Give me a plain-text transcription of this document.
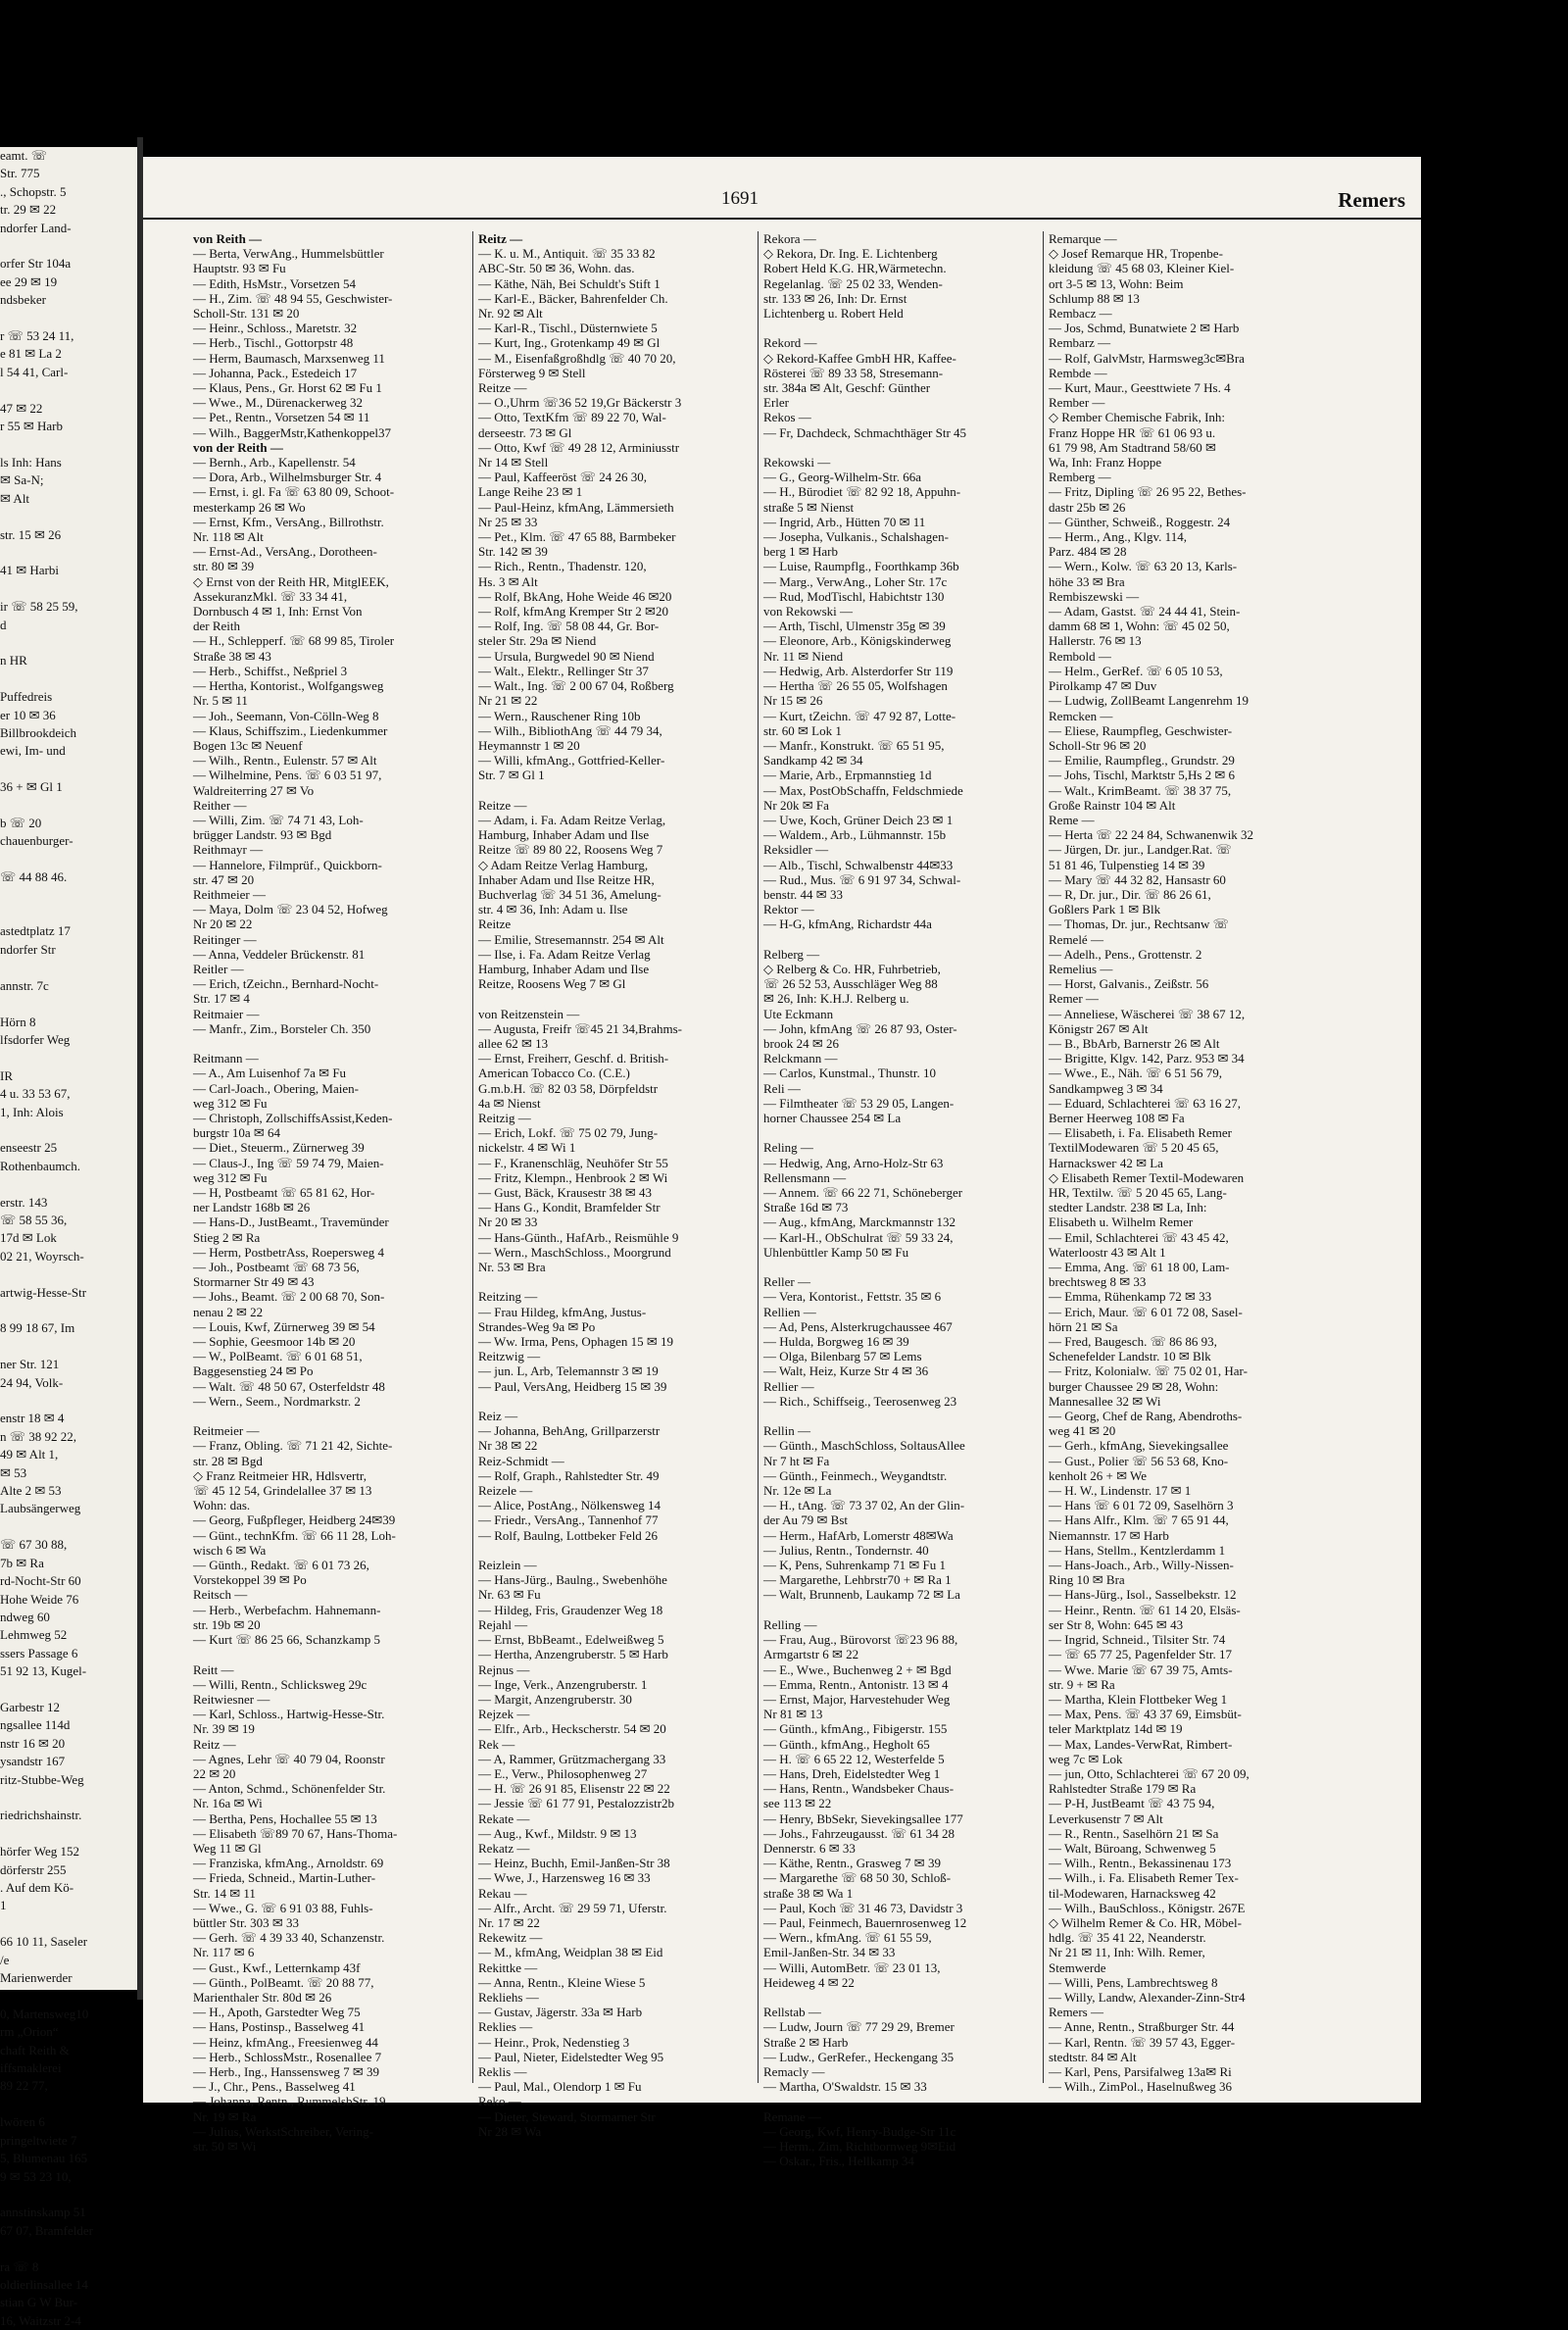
eamt. ☏
Str. 775
., Schopstr. 5
tr. 29 ✉ 22
ndorfer Land-

orfer Str 104a
ee 29 ✉ 19
ndsbeker

r ☏ 53 24 11,
e 81 ✉ La 2
l 54 41, Carl-

47 ✉ 22
r 55 ✉ Harb

ls Inh: Hans
✉ Sa-N;
✉ Alt

str. 15 ✉ 26

41 ✉ Harbi

ir ☏ 58 25 59,
d

n HR

Puffedreis
er 10 ✉ 36
Billbrookdeich
ewi, Im- und

36 + ✉ Gl 1

b ☏ 20
chauenburger-

☏ 44 88 46.

astedtplatz 17
ndorfer Str

annstr. 7c

Hörn 8
lfsdorfer Weg

IR
4 u. 33 53 67,
1, Inh: Alois

enseestr 25
Rothenbaumch.

erstr. 143
☏ 58 55 36,
17d ✉ Lok
02 21, Woyrsch-

artwig-Hesse-Str

8 99 18 67, Im

ner Str. 121
24 94, Volk-

enstr 18 ✉ 4
n ☏ 38 92 22,
49 ✉ Alt 1,
✉ 53
Alte 2 ✉ 53
Laubsängerweg

☏ 67 30 88,
7b ✉ Ra
rd-Nocht-Str 60
Hohe Weide 76
ndweg 60
Lehmweg 52
ssers Passage 6
51 92 13, Kugel-

Garbestr 12
ngsallee 114d
nstr 16 ✉ 20
ysandstr 167
ritz-Stubbe-Weg

riedrichshainstr.

hörfer Weg 152
dörferstr 255
. Auf dem Kö-
1

66 10 11, Saseler
/e
Marienwerder

0, Martensweg10
rm „Orion“
chaft Reith &
iffsmaklerei
89 22 77,

lwören 6
pringeltwiete 7
5, Blumenau 165
9 ✉ 53 23 10,

annstinskamp 51
67 07, Bramfelder

ra ☏ 8
oldierlinsallee 14
stian G W Bur-
16, Waitzstr 2-4
1691	Remers
von Reith —
— Berta, VerwAng., Hummelsbüttler
Hauptstr. 93 ✉ Fu
— Edith, HsMstr., Vorsetzen 54
— H., Zim. ☏ 48 94 55, Geschwister-
Scholl-Str. 131 ✉ 20
— Heinr., Schloss., Maretstr. 32
— Herb., Tischl., Gottorpstr 48
— Herm, Baumasch, Marxsenweg 11
— Johanna, Pack., Estedeich 17
— Klaus, Pens., Gr. Horst 62 ✉ Fu 1
— Wwe., M., Dürenackerweg 32
— Pet., Rentn., Vorsetzen 54 ✉ 11
— Wilh., BaggerMstr,Kathenkoppel37
von der Reith —
— Bernh., Arb., Kapellenstr. 54
— Dora, Arb., Wilhelmsburger Str. 4
— Ernst, i. gl. Fa ☏ 63 80 09, Schoot-
mesterkamp 26 ✉ Wo
— Ernst, Kfm., VersAng., Billrothstr.
Nr. 118 ✉ Alt
— Ernst-Ad., VersAng., Dorotheen-
str. 80 ✉ 39
◇ Ernst von der Reith HR, MitglEEK,
AssekuranzMkl. ☏ 33 34 41,
Dornbusch 4 ✉ 1, Inh: Ernst Von
der Reith
— H., Schlepperf. ☏ 68 99 85, Tiroler
Straße 38 ✉ 43
— Herb., Schiffst., Neßpriel 3
— Hertha, Kontorist., Wolfgangsweg
Nr. 5 ✉ 11
— Joh., Seemann, Von-Cölln-Weg 8
— Klaus, Schiffszim., Liedenkummer
Bogen 13c ✉ Neuenf
— Wilh., Rentn., Eulenstr. 57 ✉ Alt
— Wilhelmine, Pens. ☏ 6 03 51 97,
Waldreiterring 27 ✉ Vo
Reither —
— Willi, Zim. ☏ 74 71 43, Loh-
brügger Landstr. 93 ✉ Bgd
Reithmayr —
— Hannelore, Filmprüf., Quickborn-
str. 47 ✉ 20
Reithmeier —
— Maya, Dolm ☏ 23 04 52, Hofweg
Nr 20 ✉ 22
Reitinger —
— Anna, Veddeler Brückenstr. 81
Reitler —
— Erich, tZeichn., Bernhard-Nocht-
Str. 17 ✉ 4
Reitmaier —
— Manfr., Zim., Borsteler Ch. 350

Reitmann —
— A., Am Luisenhof 7a ✉ Fu
— Carl-Joach., Obering, Maien-
weg 312 ✉ Fu
— Christoph, ZollschiffsAssist,Keden-
burgstr 10a ✉ 64
— Diet., Steuerm., Zürnerweg 39
— Claus-J., Ing ☏ 59 74 79, Maien-
weg 312 ✉ Fu
— H, Postbeamt ☏ 65 81 62, Hor-
ner Landstr 168b ✉ 26
— Hans-D., JustBeamt., Travemünder
Stieg 2 ✉ Ra
— Herm, PostbetrAss, Roepersweg 4
— Joh., Postbeamt ☏ 68 73 56,
Stormarner Str 49 ✉ 43
— Johs., Beamt. ☏ 2 00 68 70, Son-
nenau 2 ✉ 22
— Louis, Kwf, Zürnerweg 39 ✉ 54
— Sophie, Geesmoor 14b ✉ 20
— W., PolBeamt. ☏ 6 01 68 51,
Baggesenstieg 24 ✉ Po
— Walt. ☏ 48 50 67, Osterfeldstr 48
— Wern., Seem., Nordmarkstr. 2

Reitmeier —
— Franz, Obling. ☏ 71 21 42, Sichte-
str. 28 ✉ Bgd
◇ Franz Reitmeier HR, Hdlsvertr,
☏ 45 12 54, Grindelallee 37 ✉ 13
Wohn: das.
— Georg, Fußpfleger, Heidberg 24✉39
— Günt., technKfm. ☏ 66 11 28, Loh-
wisch 6 ✉ Wa
— Günth., Redakt. ☏ 6 01 73 26,
Vorstekoppel 39 ✉ Po
Reitsch —
— Herb., Werbefachm. Hahnemann-
str. 19b ✉ 20
— Kurt ☏ 86 25 66, Schanzkamp 5

Reitt —
— Willi, Rentn., Schlicksweg 29c
Reitwiesner —
— Karl, Schloss., Hartwig-Hesse-Str.
Nr. 39 ✉ 19
Reitz —
— Agnes, Lehr ☏ 40 79 04, Roonstr
22 ✉ 20
— Anton, Schmd., Schönenfelder Str.
Nr. 16a ✉ Wi
— Bertha, Pens, Hochallee 55 ✉ 13
— Elisabeth ☏89 70 67, Hans-Thoma-
Weg 11 ✉ Gl
— Franziska, kfmAng., Arnoldstr. 69
— Frieda, Schneid., Martin-Luther-
Str. 14 ✉ 11
— Wwe., G. ☏ 6 91 03 88, Fuhls-
büttler Str. 303 ✉ 33
— Gerh. ☏ 4 39 33 40, Schanzenstr.
Nr. 117 ✉ 6
— Gust., Kwf., Letternkamp 43f
— Günth., PolBeamt. ☏ 20 88 77,
Marienthaler Str. 80d ✉ 26
— H., Apoth, Garstedter Weg 75
— Hans, Postinsp., Basselweg 41
— Heinz, kfmAng., Freesienweg 44
— Herb., SchlossMstr., Rosenallee 7
— Herb., Ing., Hanssensweg 7 ✉ 39
— J., Chr., Pens., Basselweg 41
— Johanna, Rentn., RummelsbStr. 19
Nr. 19 ✉ Ra
— Julius, WerkstSchreiber, Vering-
str. 50 ✉ Wi
Reitz —
— K. u. M., Antiquit. ☏ 35 33 82
ABC-Str. 50 ✉ 36, Wohn. das.
— Käthe, Näh, Bei Schuldt's Stift 1
— Karl-E., Bäcker, Bahrenfelder Ch.
Nr. 92 ✉ Alt
— Karl-R., Tischl., Düsternwiete 5
— Kurt, Ing., Grotenkamp 49 ✉ Gl
— M., Eisenfaßgroßhdlg ☏ 40 70 20,
Försterweg 9 ✉ Stell
Reitze —
— O.,Uhrm ☏36 52 19,Gr Bäckerstr 3
— Otto, TextKfm ☏ 89 22 70, Wal-
derseestr. 73 ✉ Gl
— Otto, Kwf ☏ 49 28 12, Arminiusstr
Nr 14 ✉ Stell
— Paul, Kaffeeröst ☏ 24 26 30,
Lange Reihe 23 ✉ 1
— Paul-Heinz, kfmAng, Lämmersieth
Nr 25 ✉ 33
— Pet., Klm. ☏ 47 65 88, Barmbeker
Str. 142 ✉ 39
— Rich., Rentn., Thadenstr. 120,
Hs. 3 ✉ Alt
— Rolf, BkAng, Hohe Weide 46 ✉20
— Rolf, kfmAng Kremper Str 2 ✉20
— Rolf, Ing. ☏ 58 08 44, Gr. Bor-
steler Str. 29a ✉ Niend
— Ursula, Burgwedel 90 ✉ Niend
— Walt., Elektr., Rellinger Str 37
— Walt., Ing. ☏ 2 00 67 04, Roßberg
Nr 21 ✉ 22
— Wern., Rauschener Ring 10b
— Wilh., BibliothAng ☏ 44 79 34,
Heymannstr 1 ✉ 20
— Willi, kfmAng., Gottfried-Keller-
Str. 7 ✉ Gl 1

Reitze —
— Adam, i. Fa. Adam Reitze Verlag,
Hamburg, Inhaber Adam und Ilse
Reitze ☏ 89 80 22, Roosens Weg 7
◇ Adam Reitze Verlag Hamburg,
Inhaber Adam und Ilse Reitze HR,
Buchverlag ☏ 34 51 36, Amelung-
str. 4 ✉ 36, Inh: Adam u. Ilse
Reitze
— Emilie, Stresemannstr. 254 ✉ Alt
— Ilse, i. Fa. Adam Reitze Verlag
Hamburg, Inhaber Adam und Ilse
Reitze, Roosens Weg 7 ✉ Gl

von Reitzenstein —
— Augusta, Freifr ☏45 21 34,Brahms-
allee 62 ✉ 13
— Ernst, Freiherr, Geschf. d. British-
American Tobacco Co. (C.E.)
G.m.b.H. ☏ 82 03 58, Dörpfeldstr
4a ✉ Nienst
Reitzig —
— Erich, Lokf. ☏ 75 02 79, Jung-
nickelstr. 4 ✉ Wi 1
— F., Kranenschläg, Neuhöfer Str 55
— Fritz, Klempn., Henbrook 2 ✉ Wi
— Gust, Bäck, Krausestr 38 ✉ 43
— Hans G., Kondit, Bramfelder Str
Nr 20 ✉ 33
— Hans-Günth., HafArb., Reismühle 9
— Wern., MaschSchloss., Moorgrund
Nr. 53 ✉ Bra

Reitzing —
— Frau Hildeg, kfmAng, Justus-
Strandes-Weg 9a ✉ Po
— Ww. Irma, Pens, Ophagen 15 ✉ 19
Reitzwig —
— jun. L, Arb, Telemannstr 3 ✉ 19
— Paul, VersAng, Heidberg 15 ✉ 39

Reiz —
— Johanna, BehAng, Grillparzerstr
Nr 38 ✉ 22
Reiz-Schmidt —
— Rolf, Graph., Rahlstedter Str. 49
Reizele —
— Alice, PostAng., Nölkensweg 14
— Friedr., VersAng., Tannenhof 77
— Rolf, Baulng, Lottbeker Feld 26

Reizlein —
— Hans-Jürg., Baulng., Swebenhöhe
Nr. 63 ✉ Fu
— Hildeg, Fris, Graudenzer Weg 18
Rejahl —
— Ernst, BbBeamt., Edelweißweg 5
— Hertha, Anzengruberstr. 5 ✉ Harb
Rejnus —
— Inge, Verk., Anzengruberstr. 1
— Margit, Anzengruberstr. 30
Rejzek —
— Elfr., Arb., Heckscherstr. 54 ✉ 20
Rek —
— A, Rammer, Grützmachergang 33
— E., Verw., Philosophenweg 27
— H. ☏ 26 91 85, Elisenstr 22 ✉ 22
— Jessie ☏ 61 77 91, Pestalozzistr2b
Rekate —
— Aug., Kwf., Mildstr. 9 ✉ 13
Rekatz —
— Heinz, Buchh, Emil-Janßen-Str 38
— Wwe, J., Harzensweg 16 ✉ 33
Rekau —
— Alfr., Archt. ☏ 29 59 71, Uferstr.
Nr. 17 ✉ 22
Rekewitz —
— M., kfmAng, Weidplan 38 ✉ Eid
Rekittke —
— Anna, Rentn., Kleine Wiese 5
Rekliehs —
— Gustav, Jägerstr. 33a ✉ Harb
Reklies —
— Heinr., Prok, Nedenstieg 3
— Paul, Nieter, Eidelstedter Weg 95
Reklis —
— Paul, Mal., Olendorp 1 ✉ Fu
Reko —
— Dieter, Steward, Stormarner Str
Nr 28 ✉ Wa
Rekora —
◇ Rekora, Dr. Ing. E. Lichtenberg
Robert Held K.G. HR,Wärmetechn.
Regelanlag. ☏ 25 02 33, Wenden-
str. 133 ✉ 26, Inh: Dr. Ernst
Lichtenberg u. Robert Held

Rekord —
◇ Rekord-Kaffee GmbH HR, Kaffee-
Rösterei ☏ 89 33 58, Stresemann-
str. 384a ✉ Alt, Geschf: Günther
Erler
Rekos —
— Fr, Dachdeck, Schmachthäger Str 45

Rekowski —
— G., Georg-Wilhelm-Str. 66a
— H., Bürodiet ☏ 82 92 18, Appuhn-
straße 5 ✉ Nienst
— Ingrid, Arb., Hütten 70 ✉ 11
— Josepha, Vulkanis., Schalshagen-
berg 1 ✉ Harb
— Luise, Raumpflg., Foorthkamp 36b
— Marg., VerwAng., Loher Str. 17c
— Rud, ModTischl, Habichtstr 130
von Rekowski —
— Arth, Tischl, Ulmenstr 35g ✉ 39
— Eleonore, Arb., Königskinderweg
Nr. 11 ✉ Niend
— Hedwig, Arb. Alsterdorfer Str 119
— Hertha ☏ 26 55 05, Wolfshagen
Nr 15 ✉ 26
— Kurt, tZeichn. ☏ 47 92 87, Lotte-
str. 60 ✉ Lok 1
— Manfr., Konstrukt. ☏ 65 51 95,
Sandkamp 42 ✉ 34
— Marie, Arb., Erpmannstieg 1d
— Max, PostObSchaffn, Feldschmiede
Nr 20k ✉ Fa
— Uwe, Koch, Grüner Deich 23 ✉ 1
— Waldem., Arb., Lühmannstr. 15b
Reksidler —
— Alb., Tischl, Schwalbenstr 44✉33
— Rud., Mus. ☏ 6 91 97 34, Schwal-
benstr. 44 ✉ 33
Rektor —
— H-G, kfmAng, Richardstr 44a

Relberg —
◇ Relberg & Co. HR, Fuhrbetrieb,
☏ 26 52 53, Ausschläger Weg 88
✉ 26, Inh: K.H.J. Relberg u.
Ute Eckmann
— John, kfmAng ☏ 26 87 93, Oster-
brook 24 ✉ 26
Relckmann —
— Carlos, Kunstmal., Thunstr. 10
Reli —
— Filmtheater ☏ 53 29 05, Langen-
horner Chaussee 254 ✉ La

Reling —
— Hedwig, Ang, Arno-Holz-Str 63
Rellensmann —
— Annem. ☏ 66 22 71, Schöneberger
Straße 16d ✉ 73
— Aug., kfmAng, Marckmannstr 132
— Karl-H., ObSchulrat ☏ 59 33 24,
Uhlenbüttler Kamp 50 ✉ Fu

Reller —
— Vera, Kontorist., Fettstr. 35 ✉ 6
Rellien —
— Ad, Pens, Alsterkrugchaussee 467
— Hulda, Borgweg 16 ✉ 39
— Olga, Bilenbarg 57 ✉ Lems
— Walt, Heiz, Kurze Str 4 ✉ 36
Rellier —
— Rich., Schiffseig., Teerosenweg 23

Rellin —
— Günth., MaschSchloss, SoltausAllee
Nr 7 ht ✉ Fa
— Günth., Feinmech., Weygandtstr.
Nr. 12e ✉ La
— H., tAng. ☏ 73 37 02, An der Glin-
der Au 79 ✉ Bst
— Herm., HafArb, Lomerstr 48✉Wa
— Julius, Rentn., Tondernstr. 40
— K, Pens, Suhrenkamp 71 ✉ Fu 1
— Margarethe, Lehbrstr70 + ✉ Ra 1
— Walt, Brunnenb, Laukamp 72 ✉ La

Relling —
— Frau, Aug., Bürovorst ☏23 96 88,
Armgartstr 6 ✉ 22
— E., Wwe., Buchenweg 2 + ✉ Bgd
— Emma, Rentn., Antonistr. 13 ✉ 4
— Ernst, Major, Harvestehuder Weg
Nr 81 ✉ 13
— Günth., kfmAng., Fibigerstr. 155
— Günth., kfmAng., Hegholt 65
— H. ☏ 6 65 22 12, Westerfelde 5
— Hans, Dreh, Eidelstedter Weg 1
— Hans, Rentn., Wandsbeker Chaus-
see 113 ✉ 22
— Henry, BbSekr, Sievekingsallee 177
— Johs., Fahrzeugausst. ☏ 61 34 28
Dennerstr. 6 ✉ 33
— Käthe, Rentn., Grasweg 7 ✉ 39
— Margarethe ☏ 68 50 30, Schloß-
straße 38 ✉ Wa 1
— Paul, Koch ☏ 31 46 73, Davidstr 3
— Paul, Feinmech, Bauernrosenweg 12
— Wern., kfmAng. ☏ 61 55 59,
Emil-Janßen-Str. 34 ✉ 33
— Willi, AutomBetr. ☏ 23 01 13,
Heideweg 4 ✉ 22

Rellstab —
— Ludw, Journ ☏ 77 29 29, Bremer
Straße 2 ✉ Harb
— Ludw., GerRefer., Heckengang 35
Remacly —
— Martha, O'Swaldstr. 15 ✉ 33

Remane —
— Georg, Kwf, Henry-Budge-Str 11c
— Herm., Zim, Richtbornweg 9✉Eid
— Oskar., Fris., Hellkamp 34
Remarque —
◇ Josef Remarque HR, Tropenbe-
kleidung ☏ 45 68 03, Kleiner Kiel-
ort 3-5 ✉ 13, Wohn: Beim
Schlump 88 ✉ 13
Rembacz —
— Jos, Schmd, Bunatwiete 2 ✉ Harb
Rembarz —
— Rolf, GalvMstr, Harmsweg3c✉Bra
Rembde —
— Kurt, Maur., Geesttwiete 7 Hs. 4
Rember —
◇ Rember Chemische Fabrik, Inh:
Franz Hoppe HR ☏ 61 06 93 u.
61 79 98, Am Stadtrand 58/60 ✉
Wa, Inh: Franz Hoppe
Remberg —
— Fritz, Dipling ☏ 26 95 22, Bethes-
dastr 25b ✉ 26
— Günther, Schweiß., Roggestr. 24
— Herm., Ang., Klgv. 114,
Parz. 484 ✉ 28
— Wern., Kolw. ☏ 63 20 13, Karls-
höhe 33 ✉ Bra
Rembiszewski —
— Adam, Gastst. ☏ 24 44 41, Stein-
damm 68 ✉ 1, Wohn: ☏ 45 02 50,
Hallerstr. 76 ✉ 13
Rembold —
— Helm., GerRef. ☏ 6 05 10 53,
Pirolkamp 47 ✉ Duv
— Ludwig, ZollBeamt Langenrehm 19
Remcken —
— Eliese, Raumpfleg, Geschwister-
Scholl-Str 96 ✉ 20
— Emilie, Raumpfleg., Grundstr. 29
— Johs, Tischl, Marktstr 5,Hs 2 ✉ 6
— Walt., KrimBeamt. ☏ 38 37 75,
Große Rainstr 104 ✉ Alt
Reme —
— Herta ☏ 22 24 84, Schwanenwik 32
— Jürgen, Dr. jur., Landger.Rat. ☏
51 81 46, Tulpenstieg 14 ✉ 39
— Mary ☏ 44 32 82, Hansastr 60
— R, Dr. jur., Dir. ☏ 86 26 61,
Goßlers Park 1 ✉ Blk
— Thomas, Dr. jur., Rechtsanw ☏
Remelé —
— Adelh., Pens., Grottenstr. 2
Remelius —
— Horst, Galvanis., Zeißstr. 56
Remer —
— Anneliese, Wäscherei ☏ 38 67 12,
Königstr 267 ✉ Alt
— B., BbArb, Barnerstr 26 ✉ Alt
— Brigitte, Klgv. 142, Parz. 953 ✉ 34
— Wwe., E., Näh. ☏ 6 51 56 79,
Sandkampweg 3 ✉ 34
— Eduard, Schlachterei ☏ 63 16 27,
Berner Heerweg 108 ✉ Fa
— Elisabeth, i. Fa. Elisabeth Remer
TextilModewaren ☏ 5 20 45 65,
Harnackswег 42 ✉ La
◇ Elisabeth Remer Textil-Modewaren
HR, Textilw. ☏ 5 20 45 65, Lang-
stedter Landstr. 238 ✉ La, Inh:
Elisabeth u. Wilhelm Remer
— Emil, Schlachterei ☏ 43 45 42,
Waterloostr 43 ✉ Alt 1
— Emma, Ang. ☏ 61 18 00, Lam-
brechtsweg 8 ✉ 33
— Emma, Rühenkamp 72 ✉ 33
— Erich, Maur. ☏ 6 01 72 08, Sasel-
hörn 21 ✉ Sa
— Fred, Baugesch. ☏ 86 86 93,
Schenefelder Landstr. 10 ✉ Blk
— Fritz, Kolonialw. ☏ 75 02 01, Har-
burger Chaussee 29 ✉ 28, Wohn:
Mannesallee 32 ✉ Wi
— Georg, Chef de Rang, Abendroths-
weg 41 ✉ 20
— Gerh., kfmAng, Sievekingsallee
— Gust., Polier ☏ 56 53 68, Kno-
kenholt 26 + ✉ We
— H. W., Lindenstr. 17 ✉ 1
— Hans ☏ 6 01 72 09, Saselhörn 3
— Hans Alfr., Klm. ☏ 7 65 91 44,
Niemannstr. 17 ✉ Harb
— Hans, Stellm., Kentzlerdamm 1
— Hans-Joach., Arb., Willy-Nissen-
Ring 10 ✉ Bra
— Hans-Jürg., Isol., Sasselbekstr. 12
— Heinr., Rentn. ☏ 61 14 20, Elsäs-
ser Str 8, Wohn: 645 ✉ 43
— Ingrid, Schneid., Tilsiter Str. 74
— ☏ 65 77 25, Pagenfelder Str. 17
— Wwe. Marie ☏ 67 39 75, Amts-
str. 9 + ✉ Ra
— Martha, Klein Flottbeker Weg 1
— Max, Pens. ☏ 43 37 69, Eimsbüt-
teler Marktplatz 14d ✉ 19
— Max, Landes-VerwRat, Rimbert-
weg 7c ✉ Lok
— jun, Otto, Schlachterei ☏ 67 20 09,
Rahlstedter Straße 179 ✉ Ra
— P-H, JustBeamt ☏ 43 75 94,
Leverkusenstr 7 ✉ Alt
— R., Rentn., Saselhörn 21 ✉ Sa
— Walt, Büroang, Schwenweg 5
— Wilh., Rentn., Bekassinenau 173
— Wilh., i. Fa. Elisabeth Remer Tex-
til-Modewaren, Harnacksweg 42
— Wilh., BauSchloss., Königstr. 267E
◇ Wilhelm Remer & Co. HR, Möbel-
hdlg. ☏ 35 41 22, Neanderstr.
Nr 21 ✉ 11, Inh: Wilh. Remer,
Stemwerde
— Willi, Pens, Lambrechtsweg 8
— Willy, Landw, Alexander-Zinn-Str4
Remers —
— Anne, Rentn., Straßburger Str. 44
— Karl, Rentn. ☏ 39 57 43, Egger-
stedtstr. 84 ✉ Alt
— Karl, Pens, Parsifalweg 13a✉ Ri
— Wilh., ZimPol., Haselnußweg 36
